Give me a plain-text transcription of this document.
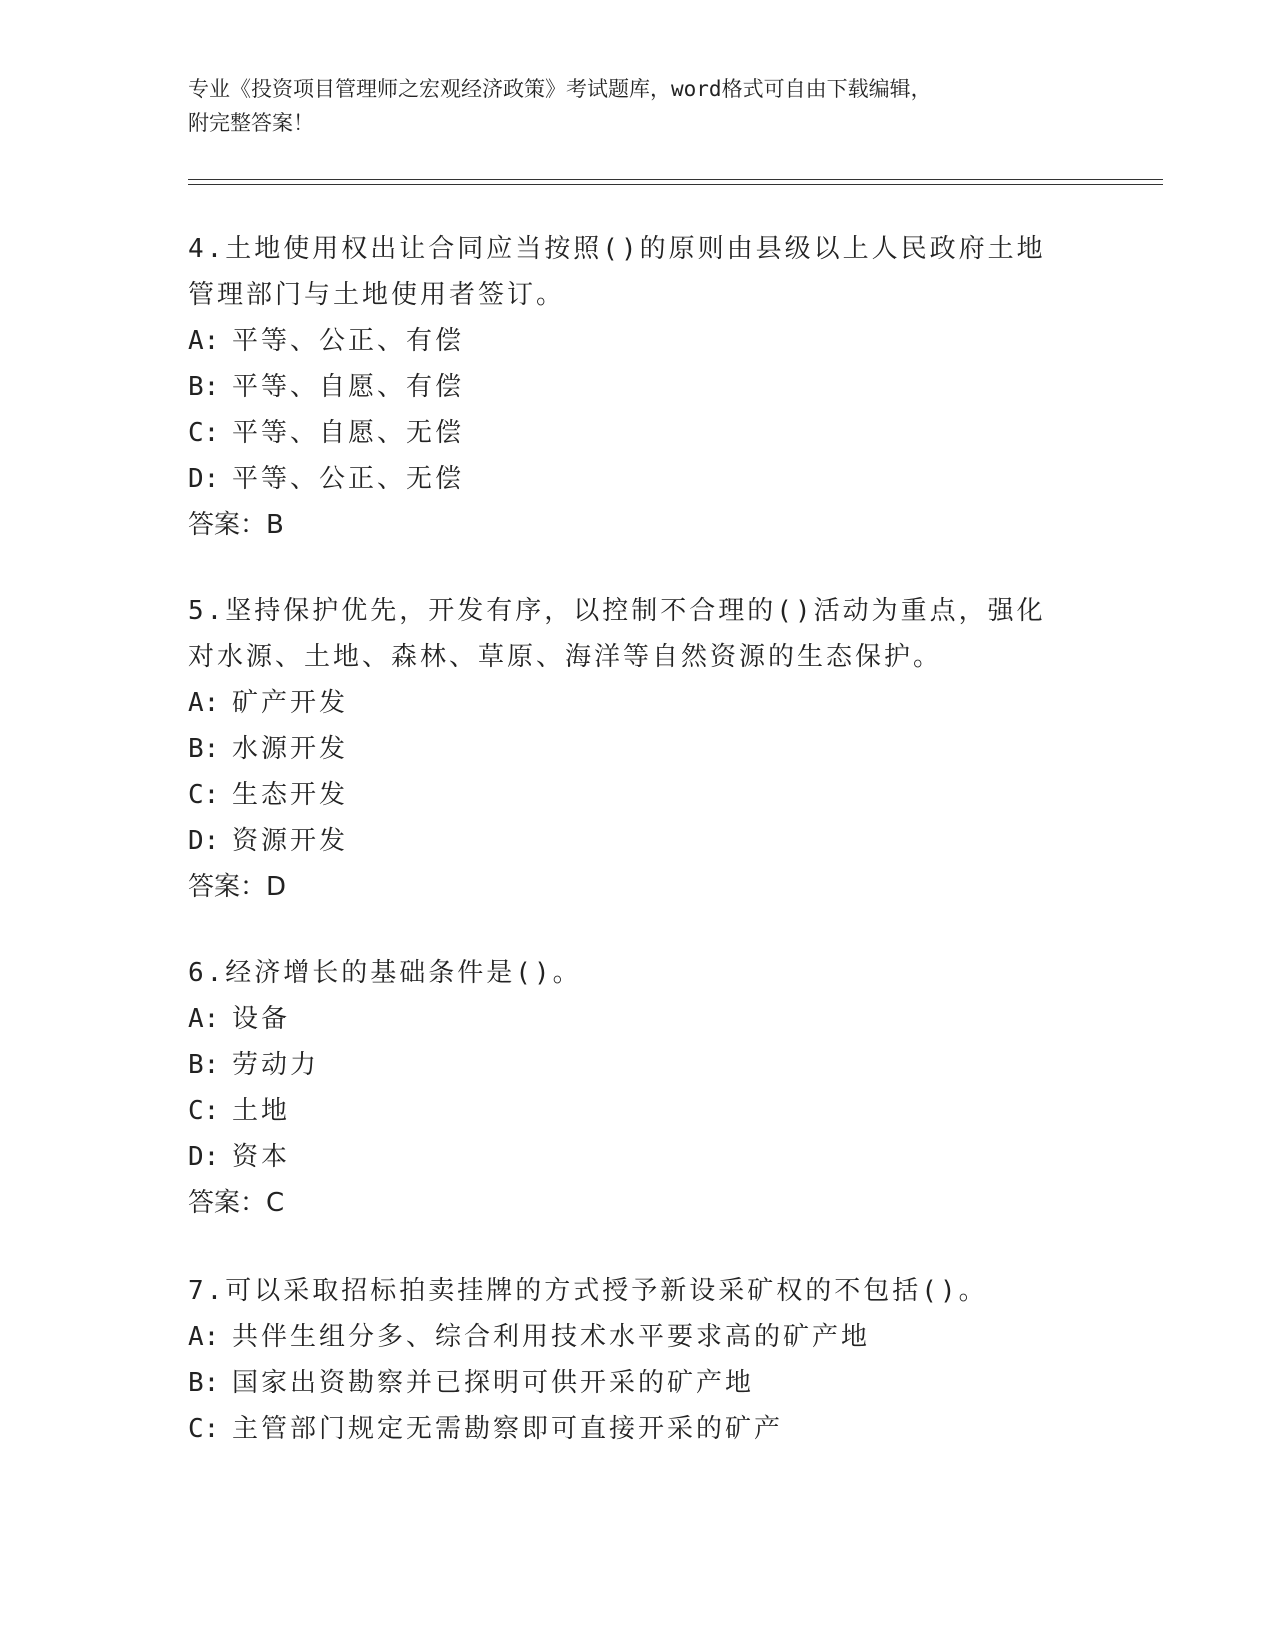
专业《投资项目管理师之宏观经济政策》考试题库，word格式可自由下载编辑，
附完整答案！

4.土地使用权出让合同应当按照()的原则由县级以上人民政府土地管理部门与土地使用者签订。

A: 平等、公正、有偿
B: 平等、自愿、有偿
C: 平等、自愿、无偿
D: 平等、公正、无偿
答案：B

5.坚持保护优先，开发有序，以控制不合理的()活动为重点，强化对水源、土地、森林、草原、海洋等自然资源的生态保护。

A: 矿产开发
B: 水源开发
C: 生态开发
D: 资源开发
答案：D

6.经济增长的基础条件是()。

A: 设备
B: 劳动力
C: 土地
D: 资本
答案：C

7.可以采取招标拍卖挂牌的方式授予新设采矿权的不包括()。

A: 共伴生组分多、综合利用技术水平要求高的矿产地
B: 国家出资勘察并已探明可供开采的矿产地
C: 主管部门规定无需勘察即可直接开采的矿产
